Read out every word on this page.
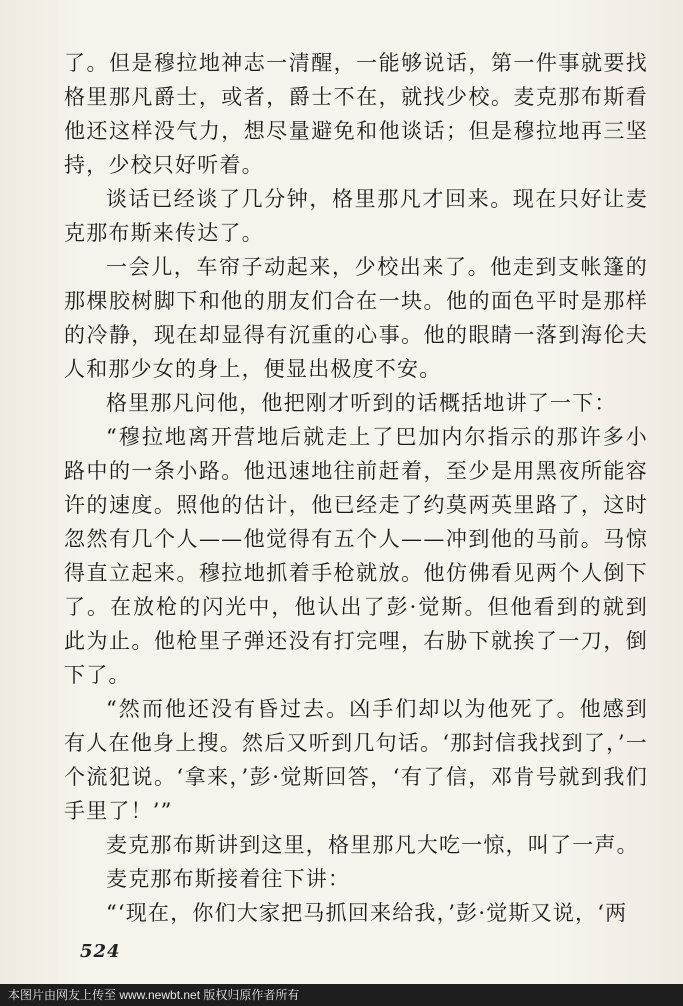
了。但是穆拉地神志一清醒，一能够说话，第一件事就要找格里那凡爵士，或者，爵士不在，就找少校。麦克那布斯看他还这样没气力，想尽量避免和他谈话；但是穆拉地再三坚持，少校只好听着。

谈话已经谈了几分钟，格里那凡才回来。现在只好让麦克那布斯来传达了。

一会儿，车帘子动起来，少校出来了。他走到支帐篷的那棵胶树脚下和他的朋友们合在一块。他的面色平时是那样的冷静，现在却显得有沉重的心事。他的眼睛一落到海伦夫人和那少女的身上，便显出极度不安。

格里那凡问他，他把刚才听到的话概括地讲了一下：

“穆拉地离开营地后就走上了巴加内尔指示的那许多小路中的一条小路。他迅速地往前赶着，至少是用黑夜所能容许的速度。照他的估计，他已经走了约莫两英里路了，这时忽然有几个人——他觉得有五个人——冲到他的马前。马惊得直立起来。穆拉地抓着手枪就放。他仿佛看见两个人倒下了。在放枪的闪光中，他认出了彭·觉斯。但他看到的就到此为止。他枪里子弹还没有打完哩，右胁下就挨了一刀，倒下了。

“然而他还没有昏过去。凶手们却以为他死了。他感到有人在他身上搜。然后又听到几句话。‘那封信我找到了，’一个流犯说。‘拿来，’彭·觉斯回答，‘有了信，邓肯号就到我们手里了！’”

麦克那布斯讲到这里，格里那凡大吃一惊，叫了一声。

麦克那布斯接着往下讲：

“‘现在，你们大家把马抓回来给我，’彭·觉斯又说，‘两

524
本图片由网友上传至 www.newbt.net 版权归原作者所有
